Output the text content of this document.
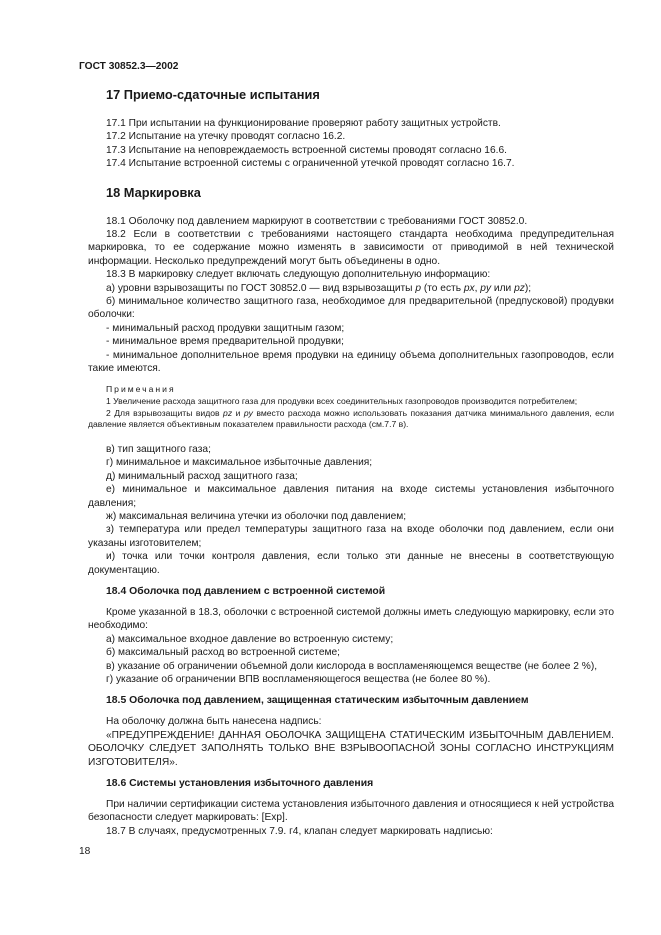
ГОСТ 30852.3—2002
17 Приемо-сдаточные испытания

17.1 При испытании на функционирование проверяют работу защитных устройств.

17.2 Испытание на утечку проводят согласно 16.2.

17.3 Испытание на неповреждаемость встроенной системы проводят согласно 16.6.

17.4 Испытание встроенной системы с ограниченной утечкой проводят согласно 16.7.

18 Маркировка

18.1 Оболочку под давлением маркируют в соответствии с требованиями ГОСТ 30852.0.

18.2 Если в соответствии с требованиями настоящего стандарта необходима предупредительная маркировка, то ее содержание можно изменять в зависимости от приводимой в ней технической информации. Несколько предупреждений могут быть объединены в одно.

18.3 В маркировку следует включать следующую дополнительную информацию:

а) уровни взрывозащиты по ГОСТ 30852.0 — вид взрывозащиты p (то есть px, py или pz);

б) минимальное количество защитного газа, необходимое для предварительной (предпусковой) продувки оболочки:

- минимальный расход продувки защитным газом;

- минимальное время предварительной продувки;

- минимальное дополнительное время продувки на единицу объема дополнительных газопроводов, если такие имеются.

Примечания

1 Увеличение расхода защитного газа для продувки всех соединительных газопроводов производится потребителем;

2 Для взрывозащиты видов pz и py вместо расхода можно использовать показания датчика минимального давления, если давление является объективным показателем правильности расхода (см.7.7 в).

в) тип защитного газа;

г) минимальное и максимальное избыточные давления;

д) минимальный расход защитного газа;

е) минимальное и максимальное давления питания на входе системы установления избыточного давления;

ж) максимальная величина утечки из оболочки под давлением;

з) температура или предел температуры защитного газа на входе оболочки под давлением, если они указаны изготовителем;

и) точка или точки контроля давления, если только эти данные не внесены в соответствующую документацию.

18.4 Оболочка под давлением с встроенной системой

Кроме указанной в 18.3, оболочки с встроенной системой должны иметь следующую маркировку, если это необходимо:

а) максимальное входное давление во встроенную систему;

б) максимальный расход во встроенной системе;

в) указание об ограничении объемной доли кислорода в воспламеняющемся веществе (не более 2 %),

г) указание об ограничении ВПВ воспламеняющегося вещества (не более 80 %).

18.5 Оболочка под давлением, защищенная статическим избыточным давлением

На оболочку должна быть нанесена надпись:

«ПРЕДУПРЕЖДЕНИЕ! ДАННАЯ ОБОЛОЧКА ЗАЩИЩЕНА СТАТИЧЕСКИМ ИЗБЫТОЧНЫМ ДАВЛЕНИЕМ. ОБОЛОЧКУ СЛЕДУЕТ ЗАПОЛНЯТЬ ТОЛЬКО ВНЕ ВЗРЫВООПАСНОЙ ЗОНЫ СОГЛАСНО ИНСТРУКЦИЯМ ИЗГОТОВИТЕЛЯ».

18.6 Системы установления избыточного давления

При наличии сертификации система установления избыточного давления и относящиеся к ней устройства безопасности следует маркировать: [Exp].

18.7 В случаях, предусмотренных 7.9. г4, клапан следует маркировать надписью:

18
